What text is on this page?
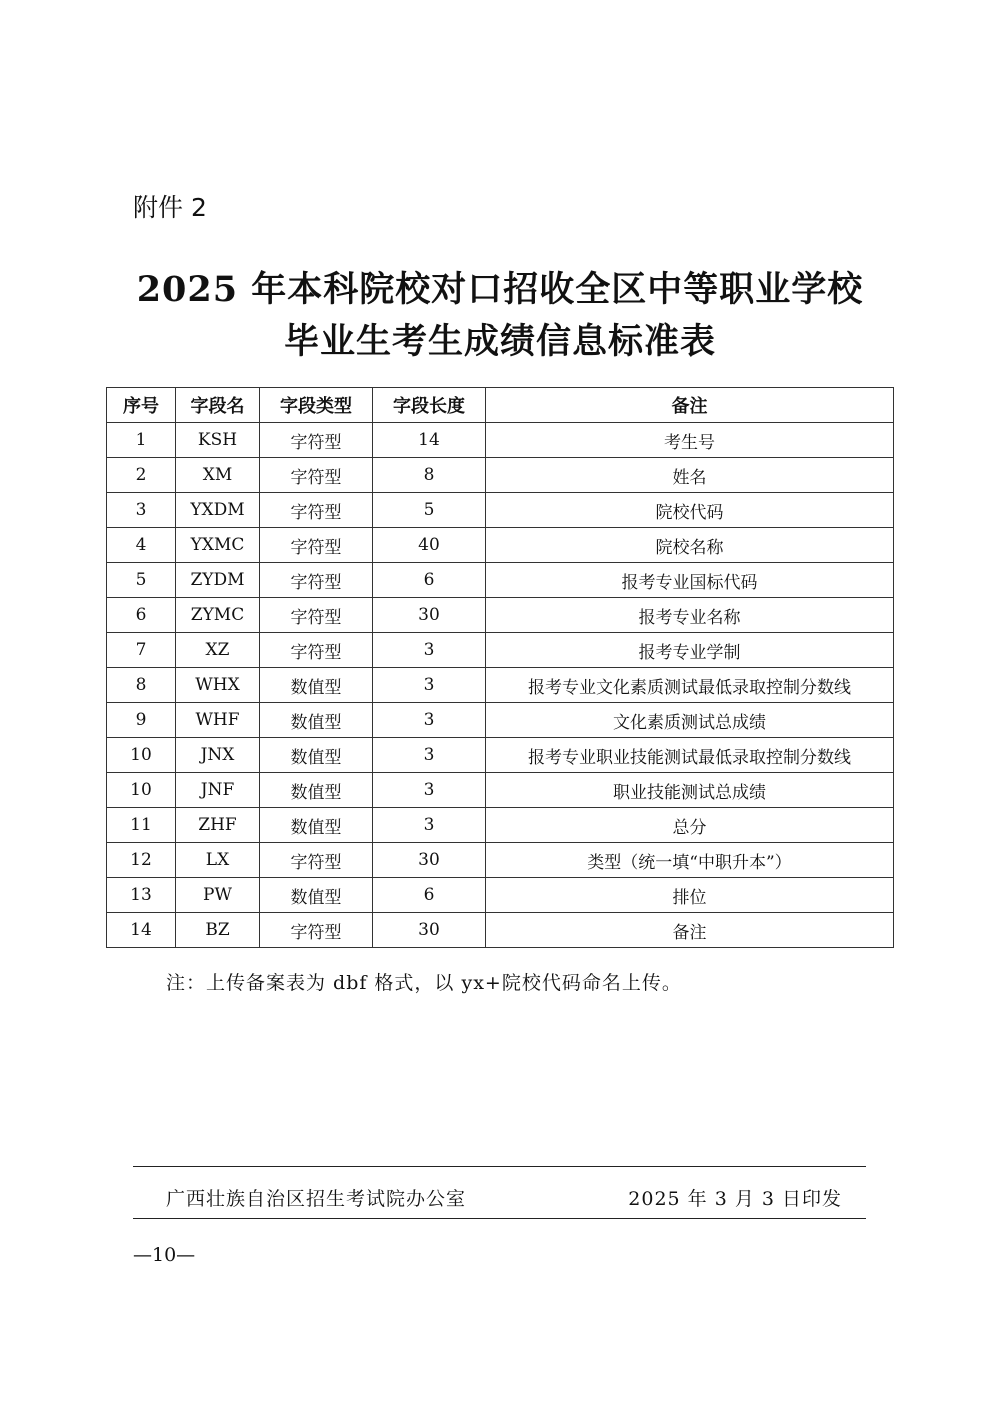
附件 2
2025 年本科院校对口招收全区中等职业学校
毕业生考生成绩信息标准表
序号	字段名	字段类型	字段长度	备注
1	KSH	字符型	14	考生号
2	XM	字符型	8	姓名
3	YXDM	字符型	5	院校代码
4	YXMC	字符型	40	院校名称
5	ZYDM	字符型	6	报考专业国标代码
6	ZYMC	字符型	30	报考专业名称
7	XZ	字符型	3	报考专业学制
8	WHX	数值型	3	报考专业文化素质测试最低录取控制分数线
9	WHF	数值型	3	文化素质测试总成绩
10	JNX	数值型	3	报考专业职业技能测试最低录取控制分数线
10	JNF	数值型	3	职业技能测试总成绩
11	ZHF	数值型	3	总分
12	LX	字符型	30	类型（统一填“中职升本”）
13	PW	数值型	6	排位
14	BZ	字符型	30	备注
注：上传备案表为 dbf 格式，以 yx+院校代码命名上传。
广西壮族自治区招生考试院办公室	2025 年 3 月 3 日印发
—10—
